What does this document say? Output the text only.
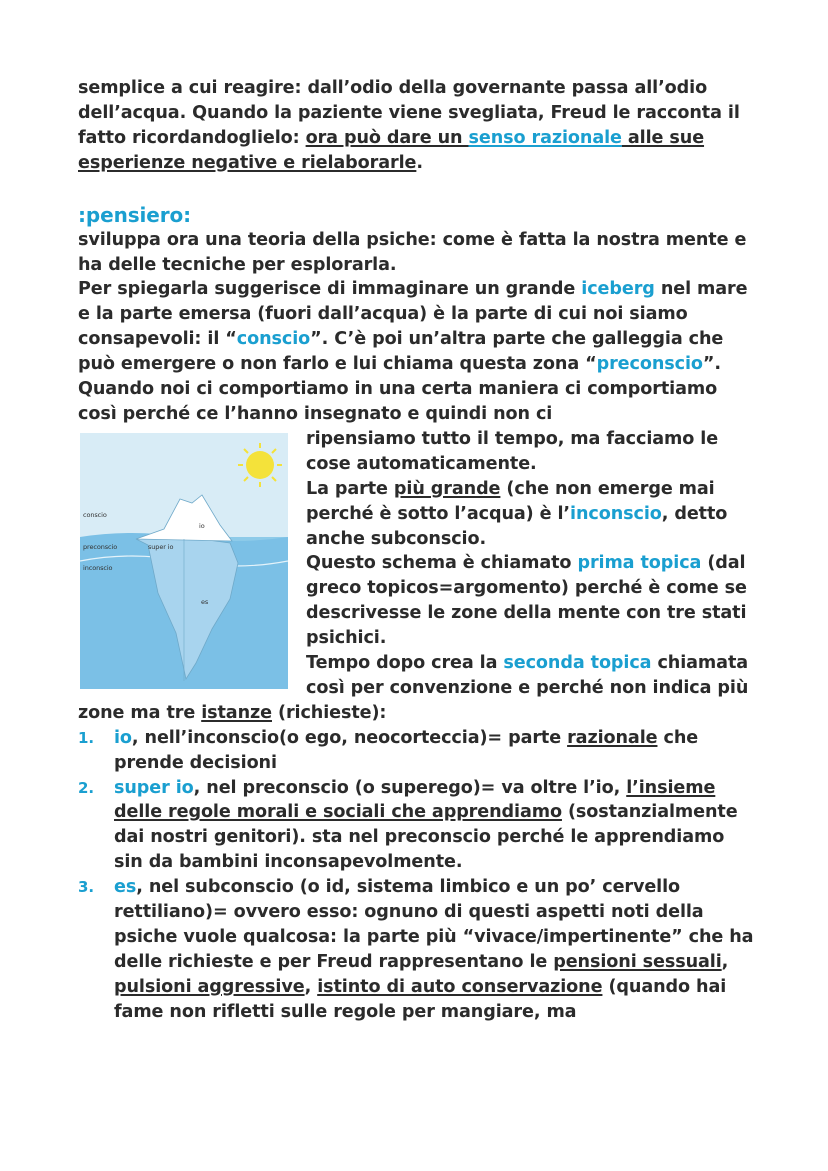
semplice a cui reagire: dall’odio della governante passa all’odio dell’acqua. Quando la paziente viene svegliata, Freud le racconta il fatto ricordandoglielo: ora può dare un senso razionale alle sue esperienze negative e rielaborarle.

:pensiero:

sviluppa ora una teoria della psiche: come è fatta la nostra mente e ha delle tecniche per esplorarla.
Per spiegarla suggerisce di immaginare un grande iceberg nel mare e la parte emersa (fuori dall’acqua) è la parte di cui noi siamo consapevoli: il “conscio”. C’è poi un’altra parte che galleggia che può emergere o non farlo e lui chiama questa zona “preconscio”.
Quando noi ci comportiamo in una certa maniera ci comportiamo così perché ce l’hanno insegnato e quindi non ci

conscio
preconscio
inconscio
io
super io
es

ripensiamo tutto il tempo, ma facciamo le cose automaticamente.
La parte più grande (che non emerge mai perché è sotto l’acqua) è l’inconscio, detto anche subconscio.
Questo schema è chiamato prima topica (dal greco topicos=argomento) perché è come se descrivesse le zone della mente con tre stati psichici.
Tempo dopo crea la seconda topica chiamata così per convenzione e perché non indica più zone ma tre istanze (richieste):

1. io, nell’inconscio(o ego, neocorteccia)= parte razionale che prende decisioni
2. super io, nel preconscio (o superego)= va oltre l’io, l’insieme delle regole morali e sociali che apprendiamo (sostanzialmente dai nostri genitori). sta nel preconscio perché le apprendiamo sin da bambini inconsapevolmente.
3. es, nel subconscio (o id, sistema limbico e un po’ cervello rettiliano)= ovvero esso: ognuno di questi aspetti noti della psiche vuole qualcosa: la parte più “vivace/impertinente” che ha delle richieste e per Freud rappresentano le pensioni sessuali, pulsioni aggressive, istinto di auto conservazione (quando hai fame non rifletti sulle regole per mangiare, ma
